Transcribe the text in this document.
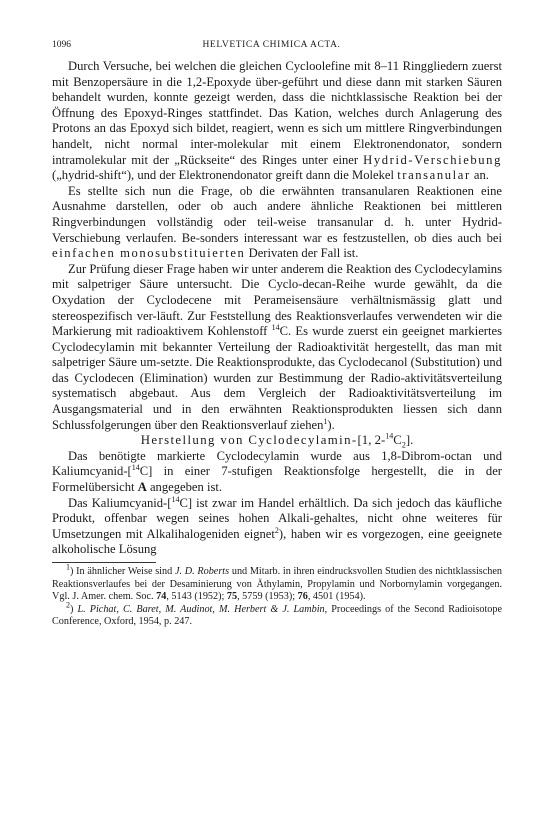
1096	HELVETICA CHIMICA ACTA.

Durch Versuche, bei welchen die gleichen Cycloolefine mit 8–11 Ringgliedern zuerst mit Benzopersäure in die 1,2-Epoxyde über-geführt und diese dann mit starken Säuren behandelt wurden, konnte gezeigt werden, dass die nichtklassische Reaktion bei der Öffnung des Epoxyd-Ringes stattfindet. Das Kation, welches durch Anlagerung des Protons an das Epoxyd sich bildet, reagiert, wenn es sich um mittlere Ringverbindungen handelt, nicht normal inter-molekular mit einem Elektronendonator, sondern intramolekular mit der „Rückseite“ des Ringes unter einer Hydrid-Verschiebung („hydrid-shift“), und der Elektronendonator greift dann die Molekel transanular an.

Es stellte sich nun die Frage, ob die erwähnten transanularen Reaktionen eine Ausnahme darstellen, oder ob auch andere ähnliche Reaktionen bei mittleren Ringverbindungen vollständig oder teil-weise transanular d. h. unter Hydrid-Verschiebung verlaufen. Be-sonders interessant war es festzustellen, ob dies auch bei einfachen monosubstituierten Derivaten der Fall ist.

Zur Prüfung dieser Frage haben wir unter anderem die Reaktion des Cyclodecylamins mit salpetriger Säure untersucht. Die Cyclo-decan-Reihe wurde gewählt, da die Oxydation der Cyclodecene mit Perameisensäure verhältnismässig glatt und stereospezifisch ver-läuft. Zur Feststellung des Reaktionsverlaufes verwendeten wir die Markierung mit radioaktivem Kohlenstoff $^{14}$C. Es wurde zuerst ein geeignet markiertes Cyclodecylamin mit bekannter Verteilung der Radioaktivität hergestellt, das man mit salpetriger Säure um-setzte. Die Reaktionsprodukte, das Cyclodecanol (Substitution) und das Cyclodecen (Elimination) wurden zur Bestimmung der Radio-aktivitätsverteilung systematisch abgebaut. Aus dem Vergleich der Radioaktivitätsverteilung im Ausgangsmaterial und in den erwähnten Reaktionsprodukten liessen sich dann Schlussfolgerungen über den Reaktionsverlauf ziehen$^1$).

Herstellung von Cyclodecylamin-[1, $2-^{14}C_2$].

Das benötigte markierte Cyclodecylamin wurde aus 1,8-Dibrom-octan und Kaliumcyanid-[$^{14}$C] in einer 7-stufigen Reaktionsfolge hergestellt, die in der Formelübersicht A angegeben ist.

Das Kaliumcyanid-[$^{14}$C] ist zwar im Handel erhältlich. Da sich jedoch das käufliche Produkt, offenbar wegen seines hohen Alkali-gehaltes, nicht ohne weiteres für Umsetzungen mit Alkalihalogeniden eignet$^2$), haben wir es vorgezogen, eine geeignete alkoholische Lösung

$^1$) In ähnlicher Weise sind J. D. Roberts und Mitarb. in ihren eindrucksvollen Studien des nichtklassischen Reaktionsverlaufes bei der Desaminierung von Äthylamin, Propylamin und Norbornylamin vorgegangen. Vgl. J. Amer. chem. Soc. 74, 5143 (1952); 75, 5759 (1953); 76, 4501 (1954).

$^2$) L. Pichat, C. Baret, M. Audinot, M. Herbert & J. Lambin, Proceedings of the Second Radioisotope Conference, Oxford, 1954, p. 247.
